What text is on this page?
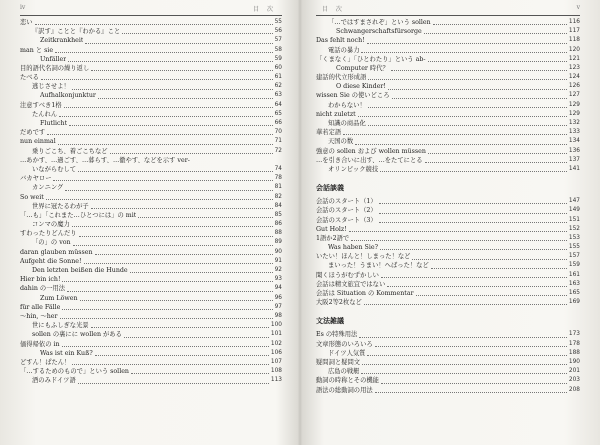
iv	目 次
恋い	55
『訳す』ことと『わかる』こと	56
Zeitkrankheit	57
man と sie	58
Unfäller	59
目的語代名詞の繰り返し	60
たべる	61
逃じさせよ！	62
Aufhalkonjunktur	63
注意すべき1格	64
たんれん	65
Flutlicht	66
だめです	70
nun einmal	71
乗りごこち、着ごこちなど	72
…あかす、…過ごす、…暮らす、…徹やす、などを示す ver-
いながらむして	74
バカヤロー	78
カンニング	81
So weit	82
世界に冠たるわが子	84
「…も」「これまた…ひとつには」の mit	85
コンマの魔力	86
すわったりどんだり	88
「の」の von	89
daran glauben müssen	90
Aufgeht die Sonne!	91
Den letzten beißen die Hunde	92
Hier bin ich!	93
dahin の一用法	94
Zum Löwen	96
für alle Fälle	97
～hin, ～her	98
世にもふしぎな光景	100
sollen の裏にに wollen がある	101
価得帰依の in	102
Was ist ein Kuß?	106
どすん！ぱたん！	107
「…するためのもので」という sollen	108
酒のみドイツ語	113
目 次	v
「…ではすまされぞ」という sollen	116
Schwangerschaftsfürsorge	117
Das fehlt noch!	118
電話の暴力	120
「くまなく」「ひとわたり」という ab-	121
Computer 時代？	123
建話的代立形成語	124
O diese Kinder!	126
wissen Sie の使いどころ	127
わからない！	129
nicht zuletzt	129
知識の商品化	132
華若定語	133
天国の数	134
強意の sollen および wollen müssen	136
…を引き合いに出す、…をたてにとる	137
オリンピック競技	141
会話談義
会話のスタート（1）	147
会話のスタート（2）	149
会話のスタート（3）	151
Gut Holz!	152
1語か2語で	153
Was haben Sie?	155
いたい！ほんと！しまった！など	157
まいった！うまい！へばった！など	159
聞くほうがむずかしい	161
会話は精文旅宜ではない	163
会話は Situation の Kommentar	165
大阪2等2枚など	169
文法雑議
Es の特殊用法	173
文章形態のいろいろ	178
ドイツ人気質	188
疑問詞と疑問文	190
広島の戦艇	201
動詞の時称とその機能	203
語法の総動詞の用法	208
